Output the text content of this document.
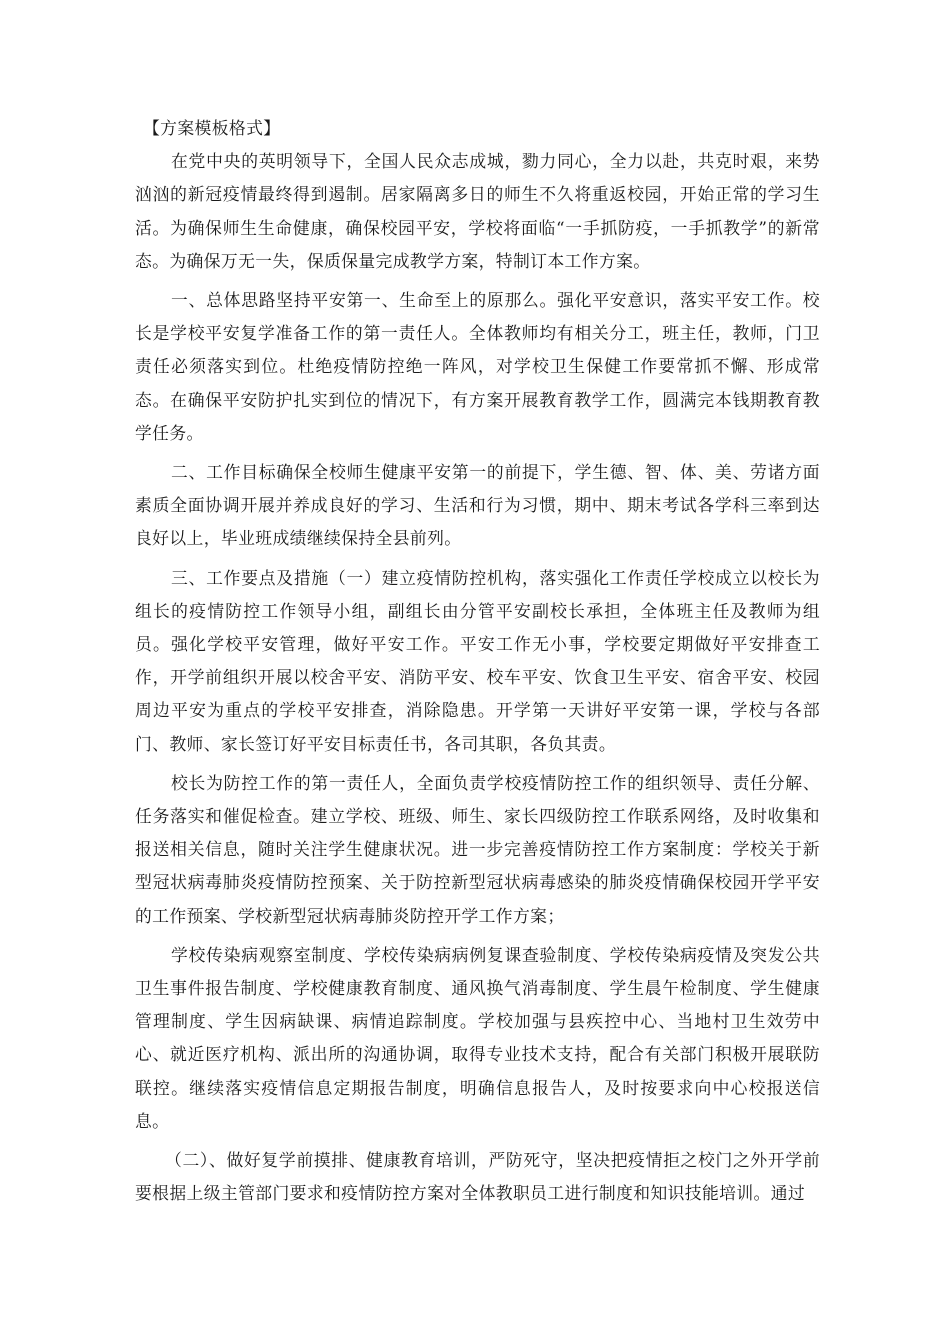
【方案模板格式】

在党中央的英明领导下，全国人民众志成城，勠力同心，全力以赴，共克时艰，来势汹汹的新冠疫情最终得到遏制。居家隔离多日的师生不久将重返校园，开始正常的学习生活。为确保师生生命健康，确保校园平安，学校将面临“一手抓防疫，一手抓教学”的新常态。为确保万无一失，保质保量完成教学方案，特制订本工作方案。

一、总体思路坚持平安第一、生命至上的原那么。强化平安意识，落实平安工作。校长是学校平安复学准备工作的第一责任人。全体教师均有相关分工，班主任，教师，门卫责任必须落实到位。杜绝疫情防控绝一阵风，对学校卫生保健工作要常抓不懈、形成常态。在确保平安防护扎实到位的情况下，有方案开展教育教学工作，圆满完本钱期教育教学任务。

二、工作目标确保全校师生健康平安第一的前提下，学生德、智、体、美、劳诸方面素质全面协调开展并养成良好的学习、生活和行为习惯，期中、期末考试各学科三率到达良好以上，毕业班成绩继续保持全县前列。

三、工作要点及措施（一）建立疫情防控机构，落实强化工作责任学校成立以校长为组长的疫情防控工作领导小组，副组长由分管平安副校长承担，全体班主任及教师为组员。强化学校平安管理，做好平安工作。平安工作无小事，学校要定期做好平安排查工作，开学前组织开展以校舍平安、消防平安、校车平安、饮食卫生平安、宿舍平安、校园周边平安为重点的学校平安排查，消除隐患。开学第一天讲好平安第一课，学校与各部门、教师、家长签订好平安目标责任书，各司其职，各负其责。

校长为防控工作的第一责任人，全面负责学校疫情防控工作的组织领导、责任分解、任务落实和催促检查。建立学校、班级、师生、家长四级防控工作联系网络，及时收集和报送相关信息，随时关注学生健康状况。进一步完善疫情防控工作方案制度：学校关于新型冠状病毒肺炎疫情防控预案、关于防控新型冠状病毒感染的肺炎疫情确保校园开学平安的工作预案、学校新型冠状病毒肺炎防控开学工作方案；

学校传染病观察室制度、学校传染病病例复课查验制度、学校传染病疫情及突发公共卫生事件报告制度、学校健康教育制度、通风换气消毒制度、学生晨午检制度、学生健康管理制度、学生因病缺课、病情追踪制度。学校加强与县疾控中心、当地村卫生效劳中心、就近医疗机构、派出所的沟通协调，取得专业技术支持，配合有关部门积极开展联防联控。继续落实疫情信息定期报告制度，明确信息报告人，及时按要求向中心校报送信息。

（二）、做好复学前摸排、健康教育培训，严防死守，坚决把疫情拒之校门之外开学前要根据上级主管部门要求和疫情防控方案对全体教职员工进行制度和知识技能培训。通过
